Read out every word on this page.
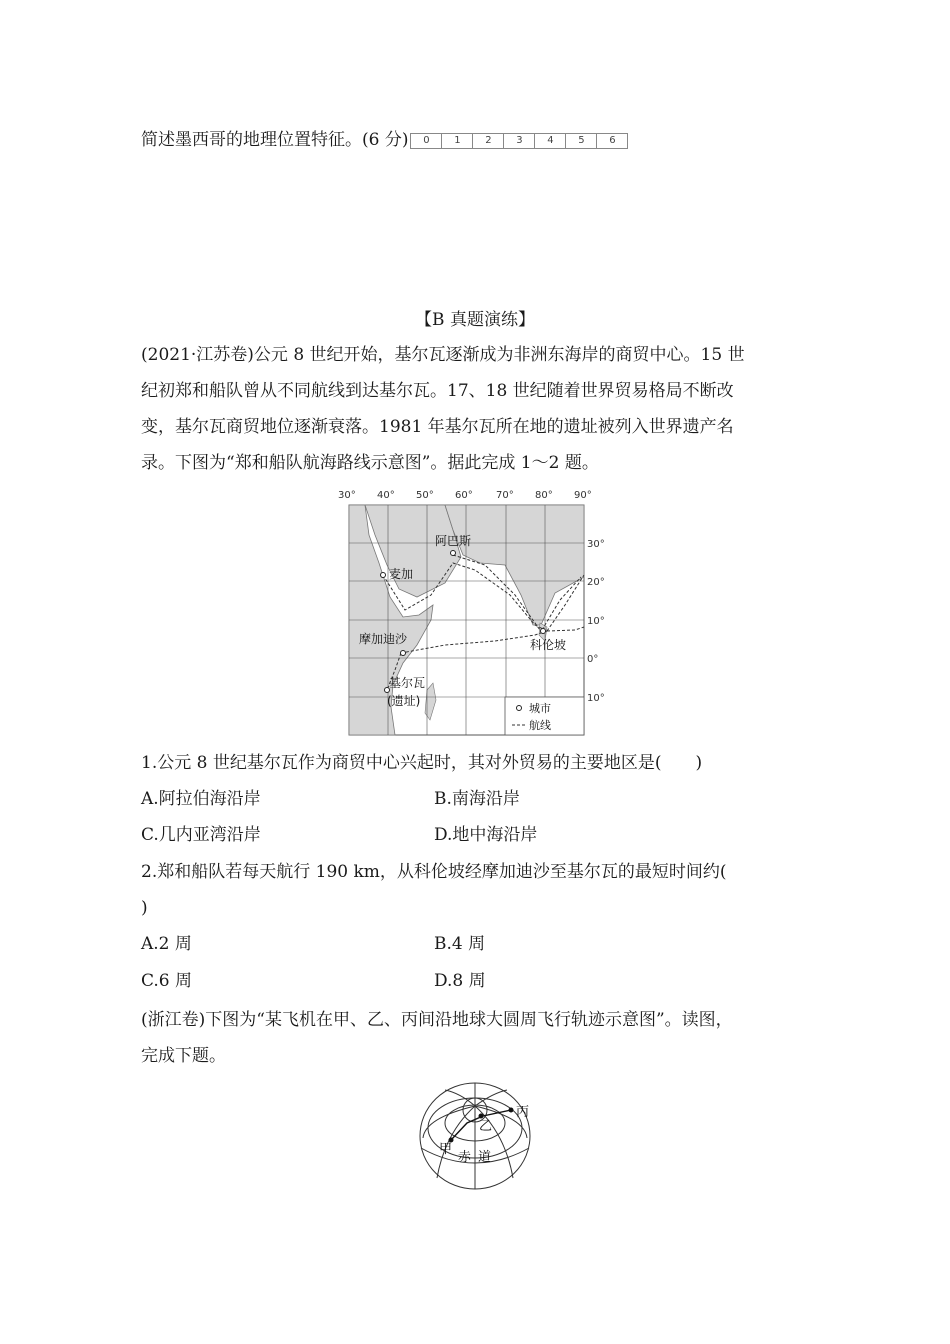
简述墨西哥的地理位置特征。(6 分)	0	1	2	3	4	5	6
【B 真题演练】
(2021·江苏卷)公元 8 世纪开始，基尔瓦逐渐成为非洲东海岸的商贸中心。15 世
纪初郑和船队曾从不同航线到达基尔瓦。17、18 世纪随着世界贸易格局不断改
变，基尔瓦商贸地位逐渐衰落。1981 年基尔瓦所在地的遗址被列入世界遗产名
录。下图为“郑和船队航海路线示意图”。据此完成 1～2 题。
30° 40° 50° 60° 70° 80° 90°
30°
20°
10°
0°
10°
阿巴斯
麦加
摩加迪沙	科伦坡
基尔瓦
(遗址)
城市
航线
1.公元 8 世纪基尔瓦作为商贸中心兴起时，其对外贸易的主要地区是(　　)
A.阿拉伯海沿岸	B.南海沿岸
C.几内亚湾沿岸	D.地中海沿岸
2.郑和船队若每天航行 190 km，从科伦坡经摩加迪沙至基尔瓦的最短时间约(
)
A.2 周	B.4 周
C.6 周	D.8 周
(浙江卷)下图为“某飞机在甲、乙、丙间沿地球大圆周飞行轨迹示意图”。读图，
完成下题。
甲
乙
丙
赤 道
